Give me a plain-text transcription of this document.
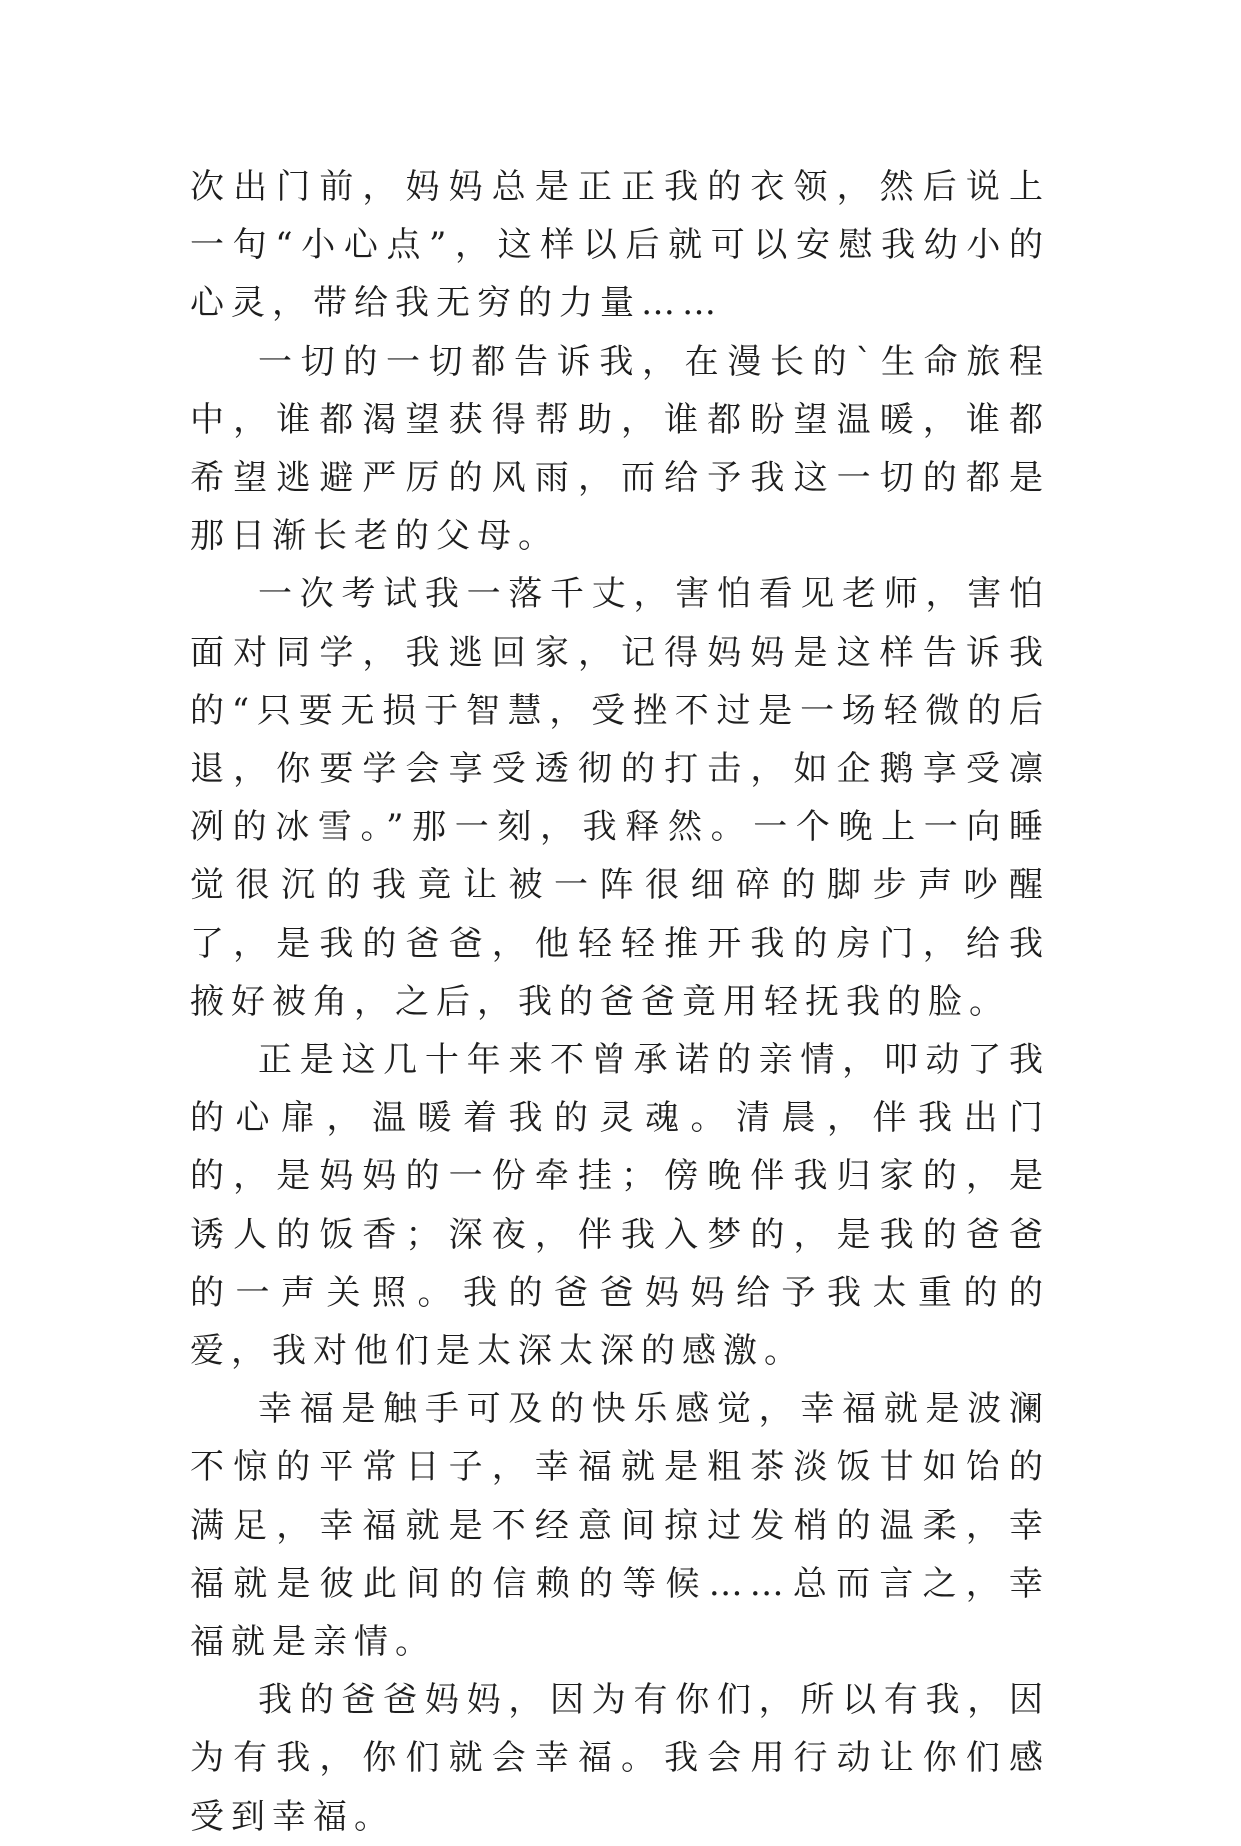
次出门前，妈妈总是正正我的衣领，然后说上一句“小心点”，这样以后就可以安慰我幼小的心灵，带给我无穷的力量……

一切的一切都告诉我，在漫长的`生命旅程中，谁都渴望获得帮助，谁都盼望温暖，谁都希望逃避严厉的风雨，而给予我这一切的都是那日渐长老的父母。

一次考试我一落千丈，害怕看见老师，害怕面对同学，我逃回家，记得妈妈是这样告诉我的“只要无损于智慧，受挫不过是一场轻微的后退，你要学会享受透彻的打击，如企鹅享受凛冽的冰雪。”那一刻，我释然。一个晚上一向睡觉很沉的我竟让被一阵很细碎的脚步声吵醒了，是我的爸爸，他轻轻推开我的房门，给我掖好被角，之后，我的爸爸竟用轻抚我的脸。

正是这几十年来不曾承诺的亲情，叩动了我的心扉，温暖着我的灵魂。清晨，伴我出门的，是妈妈的一份牵挂；傍晚伴我归家的，是诱人的饭香；深夜，伴我入梦的，是我的爸爸的一声关照。我的爸爸妈妈给予我太重的的爱，我对他们是太深太深的感激。

幸福是触手可及的快乐感觉，幸福就是波澜不惊的平常日子，幸福就是粗茶淡饭甘如饴的满足，幸福就是不经意间掠过发梢的温柔，幸福就是彼此间的信赖的等候……总而言之，幸福就是亲情。

我的爸爸妈妈，因为有你们，所以有我，因为有我，你们就会幸福。我会用行动让你们感受到幸福。
